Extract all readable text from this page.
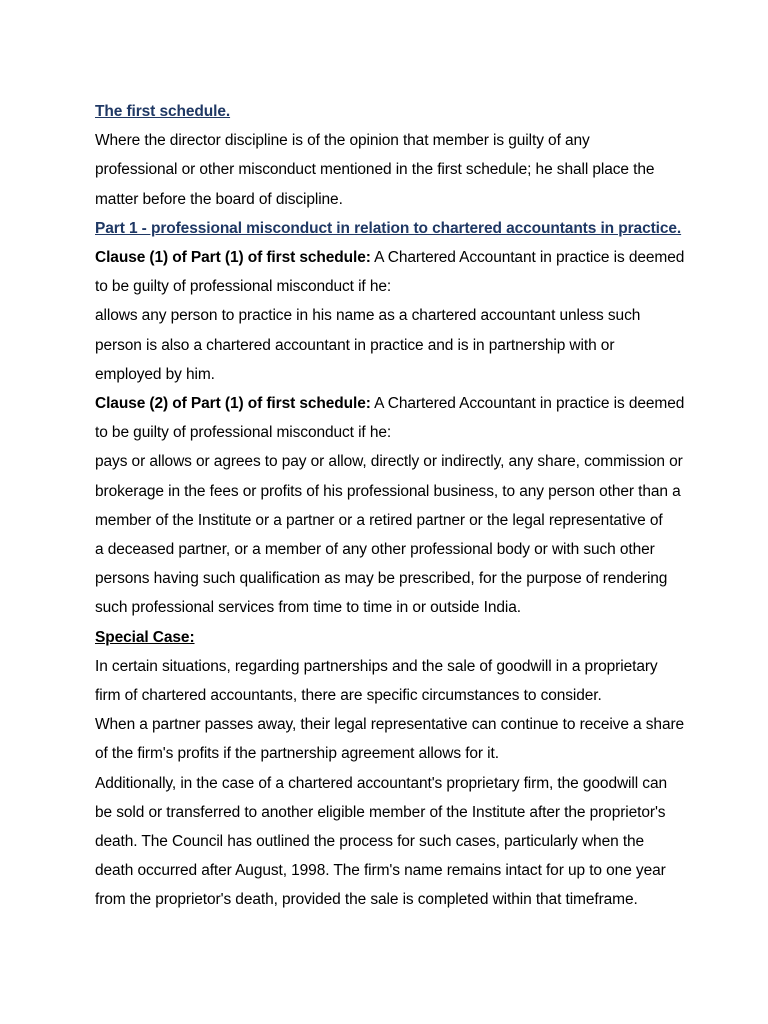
The first schedule.
Where the director discipline is of the opinion that member is guilty of any
professional or other misconduct mentioned in the first schedule; he shall place the
matter before the board of discipline.
Part 1 - professional misconduct in relation to chartered accountants in practice.
Clause (1) of Part (1) of first schedule: A Chartered Accountant in practice is deemed
to be guilty of professional misconduct if he:
allows any person to practice in his name as a chartered accountant unless such
person is also a chartered accountant in practice and is in partnership with or
employed by him.
Clause (2) of Part (1) of first schedule: A Chartered Accountant in practice is deemed
to be guilty of professional misconduct if he:
pays or allows or agrees to pay or allow, directly or indirectly, any share, commission or
brokerage in the fees or profits of his professional business, to any person other than a
member of the Institute or a partner or a retired partner or the legal representative of
a deceased partner, or a member of any other professional body or with such other
persons having such qualification as may be prescribed, for the purpose of rendering
such professional services from time to time in or outside India.
Special Case:
In certain situations, regarding partnerships and the sale of goodwill in a proprietary
firm of chartered accountants, there are specific circumstances to consider.
When a partner passes away, their legal representative can continue to receive a share
of the firm's profits if the partnership agreement allows for it.
Additionally, in the case of a chartered accountant's proprietary firm, the goodwill can
be sold or transferred to another eligible member of the Institute after the proprietor's
death. The Council has outlined the process for such cases, particularly when the
death occurred after August, 1998. The firm's name remains intact for up to one year
from the proprietor's death, provided the sale is completed within that timeframe.
